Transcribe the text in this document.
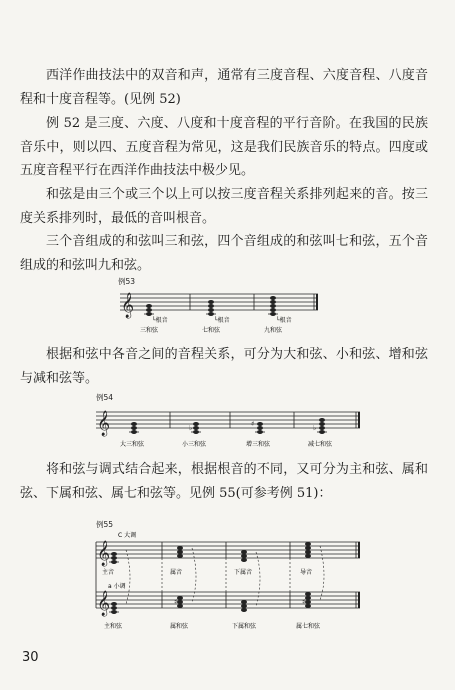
西洋作曲技法中的双音和声，通常有三度音程、六度音程、八度音程和十度音程等。(见例 52)

例 52 是三度、六度、八度和十度音程的平行音阶。在我国的民族音乐中，则以四、五度音程为常见，这是我们民族音乐的特点。四度或五度音程平行在西洋作曲技法中极少见。

和弦是由三个或三个以上可以按三度音程关系排列起来的音。按三度关系排列时，最低的音叫根音。

三个音组成的和弦叫三和弦，四个音组成的和弦叫七和弦，五个音组成的和弦叫九和弦。

例53
𝄞
└根音	└根音	└根音
三和弦	七和弦	九和弦

根据和弦中各音之间的音程关系，可分为大和弦、小和弦、增和弦与减和弦等。

例54
𝄞	♭	♯	♭
大三和弦	小三和弦	增三和弦	减七和弦

将和弦与调式结合起来，根据根音的不同，又可分为主和弦、属和弦、下属和弦、属七和弦等。见例 55(可参考例 51)：

例55
C 大调
𝄞
𝄞
a 小调
♯	♯
主音	属音	下属音	导音
主和弦	属和弦	下属和弦	属七和弦
30
